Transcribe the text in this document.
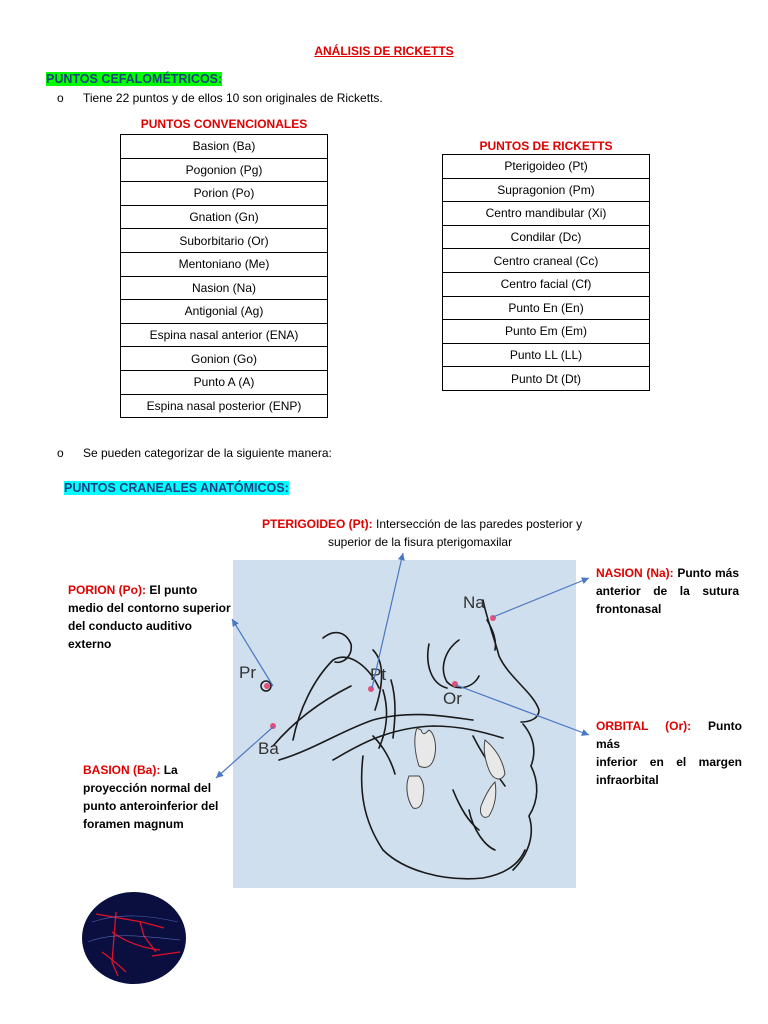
ANÁLISIS DE RICKETTS
PUNTOS CEFALOMÉTRICOS:
o Tiene 22 puntos y de ellos 10 son originales de Ricketts.
PUNTOS CONVENCIONALES
Basion (Ba)
Pogonion (Pg)
Porion (Po)
Gnation (Gn)
Suborbitario (Or)
Mentoniano (Me)
Nasion (Na)
Antigonial (Ag)
Espina nasal anterior (ENA)
Gonion (Go)
Punto A (A)
Espina nasal posterior (ENP)
PUNTOS DE RICKETTS
Pterigoideo (Pt)
Supragonion (Pm)
Centro mandibular (Xi)
Condilar (Dc)
Centro craneal (Cc)
Centro facial (Cf)
Punto En (En)
Punto Em (Em)
Punto LL (LL)
Punto Dt (Dt)
o Se pueden categorizar de la siguiente manera:
PUNTOS CRANEALES ANATÓMICOS:
PTERIGOIDEO (Pt): Intersección de las paredes posterior y
superior de la fisura pterigomaxilar
Pr	Pt
Na
Or
Ba
PORION (Po): El punto
medio del contorno superior
del conducto auditivo
externo
NASION (Na): Punto más
anterior de la sutura
frontonasal
ORBITAL (Or): Punto más
inferior en el margen
infraorbital
BASION (Ba): La
proyección normal del
punto anteroinferior del
foramen magnum
